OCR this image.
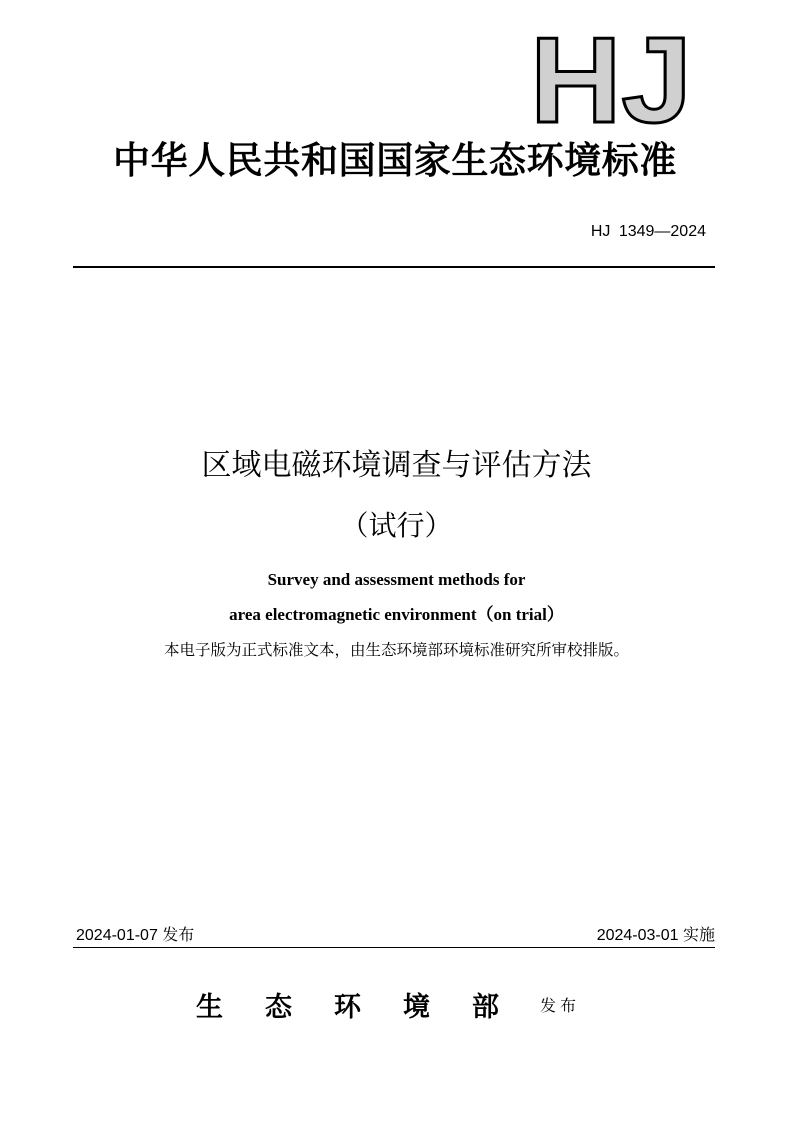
HJ
中华人民共和国国家生态环境标准
HJ 1349—2024
区域电磁环境调查与评估方法
（试行）
Survey and assessment methods for
area electromagnetic environment（on trial）
本电子版为正式标准文本，由生态环境部环境标准研究所审校排版。
2024-01-07 发布	2024-03-01 实施
生态环境部 发布
